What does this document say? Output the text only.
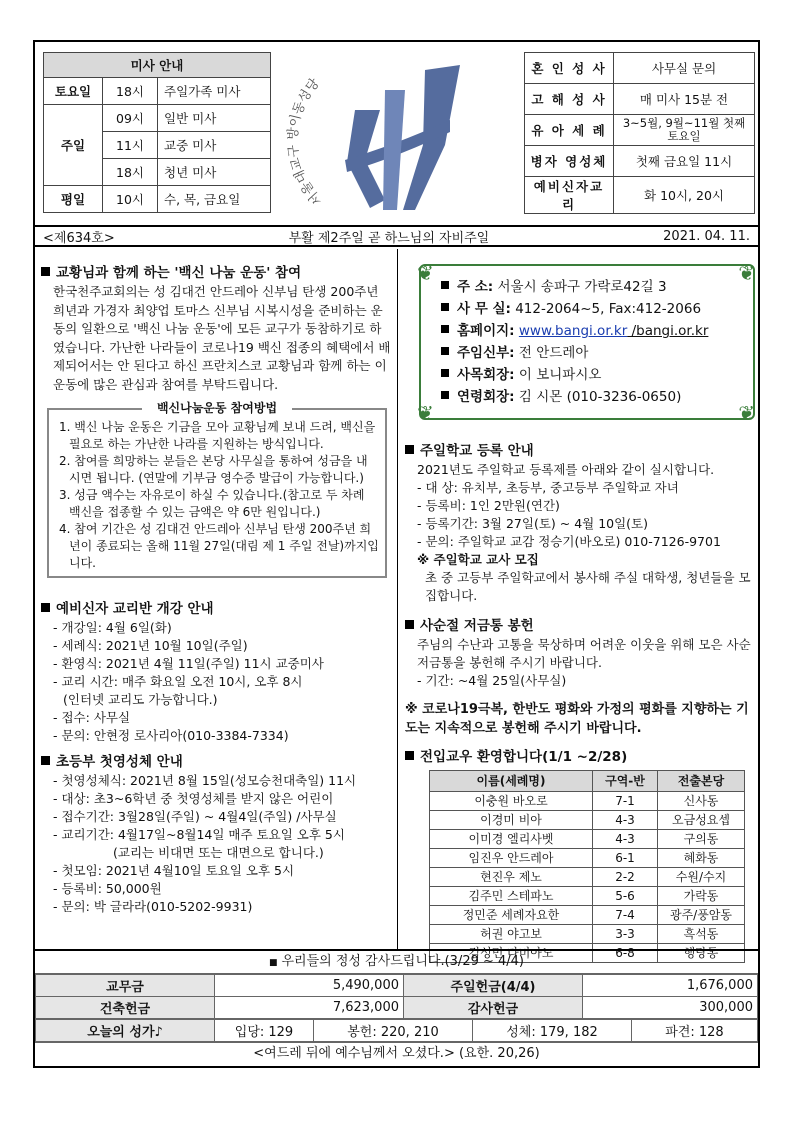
미사 안내		
토요일	18시	주일가족 미사
주일	09시	일반 미사
	11시	교중 미사
	18시	청년 미사
평일	10시	수, 목, 금요일	서울대교구 방이동성당
혼 인 성 사	사무실 문의
고 해 성 사	매 미사 15분 전
유 아 세 례	3~5월, 9월~11월 첫째 토요일
병자 영성체	첫째 금요일 11시
예비신자교리	화 10시, 20시
<제634호>	부활 제2주일 곧 하느님의 자비주일	2021. 04. 11.
교황님과 함께 하는 '백신 나눔 운동' 참여
한국천주교회의는 성 김대건 안드레아 신부님 탄생 200주년 희년과 가경자 최양업 토마스 신부님 시복시성을 준비하는 운동의 일환으로 '백신 나눔 운동'에 모든 교구가 동참하기로 하였습니다. 가난한 나라들이 코로나19 백신 접종의 혜택에서 배제되어서는 안 된다고 하신 프란치스코 교황님과 함께 하는 이 운동에 많은 관심과 참여를 부탁드립니다.
백신나눔운동 참여방법
1. 백신 나눔 운동은 기금을 모아 교황님께 보내 드려, 백신을 필요로 하는 가난한 나라를 지원하는 방식입니다.
2. 참여를 희망하는 분들은 본당 사무실을 통하여 성금을 내시면 됩니다. (연말에 기부금 영수증 발급이 가능합니다.)
3. 성금 액수는 자유로이 하실 수 있습니다.(참고로 두 차례 백신을 접종할 수 있는 금액은 약 6만 원입니다.)
4. 참여 기간은 성 김대건 안드레아 신부님 탄생 200주년 희년이 종료되는 올해 11월 27일(대림 제 1 주일 전날)까지입니다.
예비신자 교리반 개강 안내
- 개강일: 4월 6일(화)
- 세례식: 2021년 10월 10일(주일)
- 환영식: 2021년 4월 11일(주일) 11시 교중미사
- 교리 시간: 매주 화요일 오전 10시, 오후 8시
(인터넷 교리도 가능합니다.)
- 접수: 사무실
- 문의: 안현정 로사리아(010-3384-7334)
초등부 첫영성체 안내
- 첫영성체식: 2021년 8월 15일(성모승천대축일) 11시
- 대상: 초3~6학년 중 첫영성체를 받지 않은 어린이
- 접수기간: 3월28일(주일) ~ 4월4일(주일) /사무실
- 교리기간: 4월17일~8월14일 매주 토요일 오후 5시
(교리는 비대면 또는 대면으로 합니다.)
- 첫모임: 2021년 4월10일 토요일 오후 5시
- 등록비: 50,000원
- 문의: 박 글라라(010-5202-9931)
❦	❦
❦	❦
주 소: 서울시 송파구 가락로42길 3
사 무 실: 412-2064~5, Fax:412-2066
홈페이지: www.bangi.or.kr /bangi.or.kr
주임신부: 전 안드레아
사목회장: 이 보니파시오
연령회장: 김 시몬 (010-3236-0650)
주일학교 등록 안내
2021년도 주일학교 등록제를 아래와 같이 실시합니다.
- 대 상: 유치부, 초등부, 중고등부 주일학교 자녀
- 등록비: 1인 2만원(연간)
- 등록기간: 3월 27일(토) ~ 4월 10일(토)
- 문의: 주일학교 교감 정승기(바오로) 010-7126-9701
※ 주일학교 교사 모집
초 중 고등부 주일학교에서 봉사해 주실 대학생, 청년들을 모집합니다.
사순절 저금통 봉헌
주님의 수난과 고통을 묵상하며 어려운 이웃을 위해 모은 사순 저금통을 봉헌해 주시기 바랍니다.
- 기간: ~4월 25일(사무실)
※ 코로나19극복, 한반도 평화와 가정의 평화를 지향하는 기도는 지속적으로 봉헌해 주시기 바랍니다.
전입교우 환영합니다(1/1 ~2/28)
이름(세례명)	구역-반	전출본당
이충원 바오로	7-1	신사동
이경미 비아	4-3	오금성요셉
이미경 엘리사벳	4-3	구의동
임진우 안드레아	6-1	혜화동
현진우 제노	2-2	수원/수지
김주민 스테파노	5-6	가락동
정민준 세례자요한	7-4	광주/풍암동
허권 야고보	3-3	흑석동
김성민 다미아노	6-8	행당동
■ 우리들의 정성 감사드립니다.(3/29 ~ 4/4)
교무금	5,490,000	주일헌금(4/4)	1,676,000
건축헌금	7,623,000	감사헌금	300,000
오늘의 성가♪	입당: 129	봉헌: 220, 210	성체: 179, 182	파견: 128
<여드레 뒤에 예수님께서 오셨다.> (요한. 20,26)
